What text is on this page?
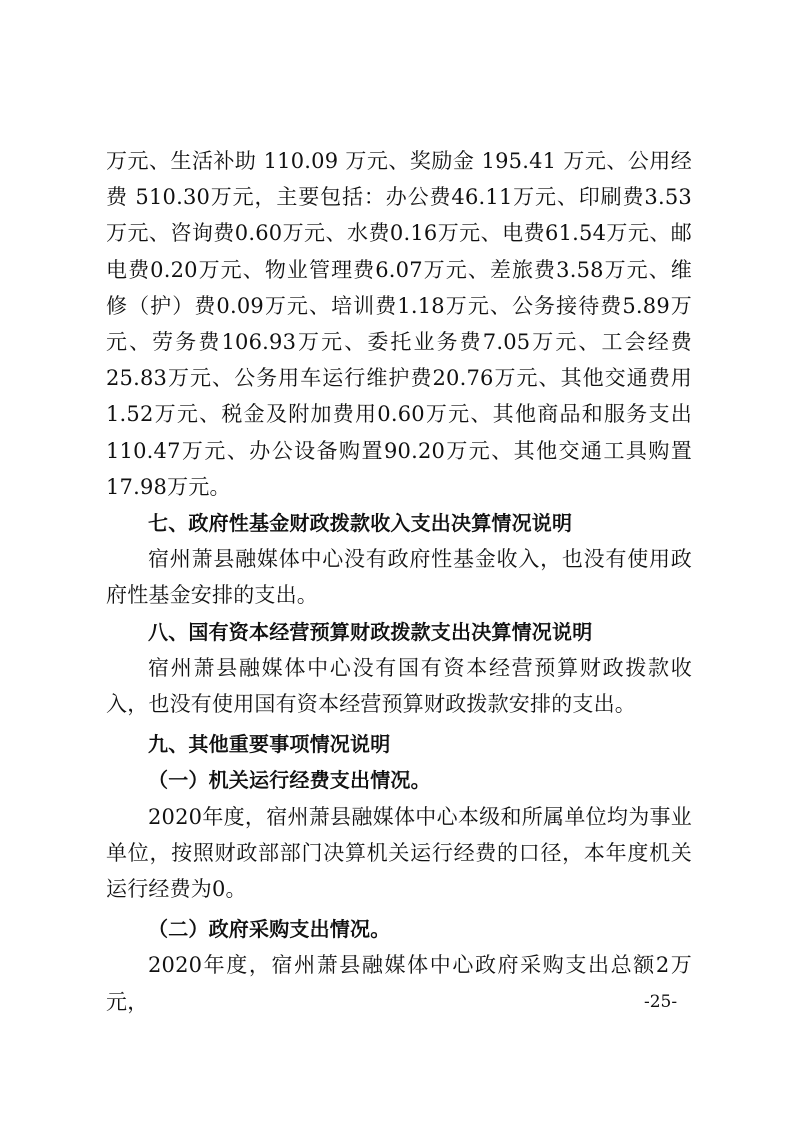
万元、生活补助 110.09 万元、奖励金 195.41 万元、公用经费 510.30万元，主要包括：办公费46.11万元、印刷费3.53万元、咨询费0.60万元、水费0.16万元、电费61.54万元、邮电费0.20万元、物业管理费6.07万元、差旅费3.58万元、维修（护）费0.09万元、培训费1.18万元、公务接待费5.89万元、劳务费106.93万元、委托业务费7.05万元、工会经费25.83万元、公务用车运行维护费20.76万元、其他交通费用1.52万元、税金及附加费用0.60万元、其他商品和服务支出110.47万元、办公设备购置90.20万元、其他交通工具购置17.98万元。

七、政府性基金财政拨款收入支出决算情况说明

宿州萧县融媒体中心没有政府性基金收入，也没有使用政府性基金安排的支出。

八、国有资本经营预算财政拨款支出决算情况说明

宿州萧县融媒体中心没有国有资本经营预算财政拨款收入，也没有使用国有资本经营预算财政拨款安排的支出。

九、其他重要事项情况说明

（一）机关运行经费支出情况。

2020年度，宿州萧县融媒体中心本级和所属单位均为事业单位，按照财政部部门决算机关运行经费的口径，本年度机关运行经费为0。

（二）政府采购支出情况。

2020年度，宿州萧县融媒体中心政府采购支出总额2万元，	-25-
